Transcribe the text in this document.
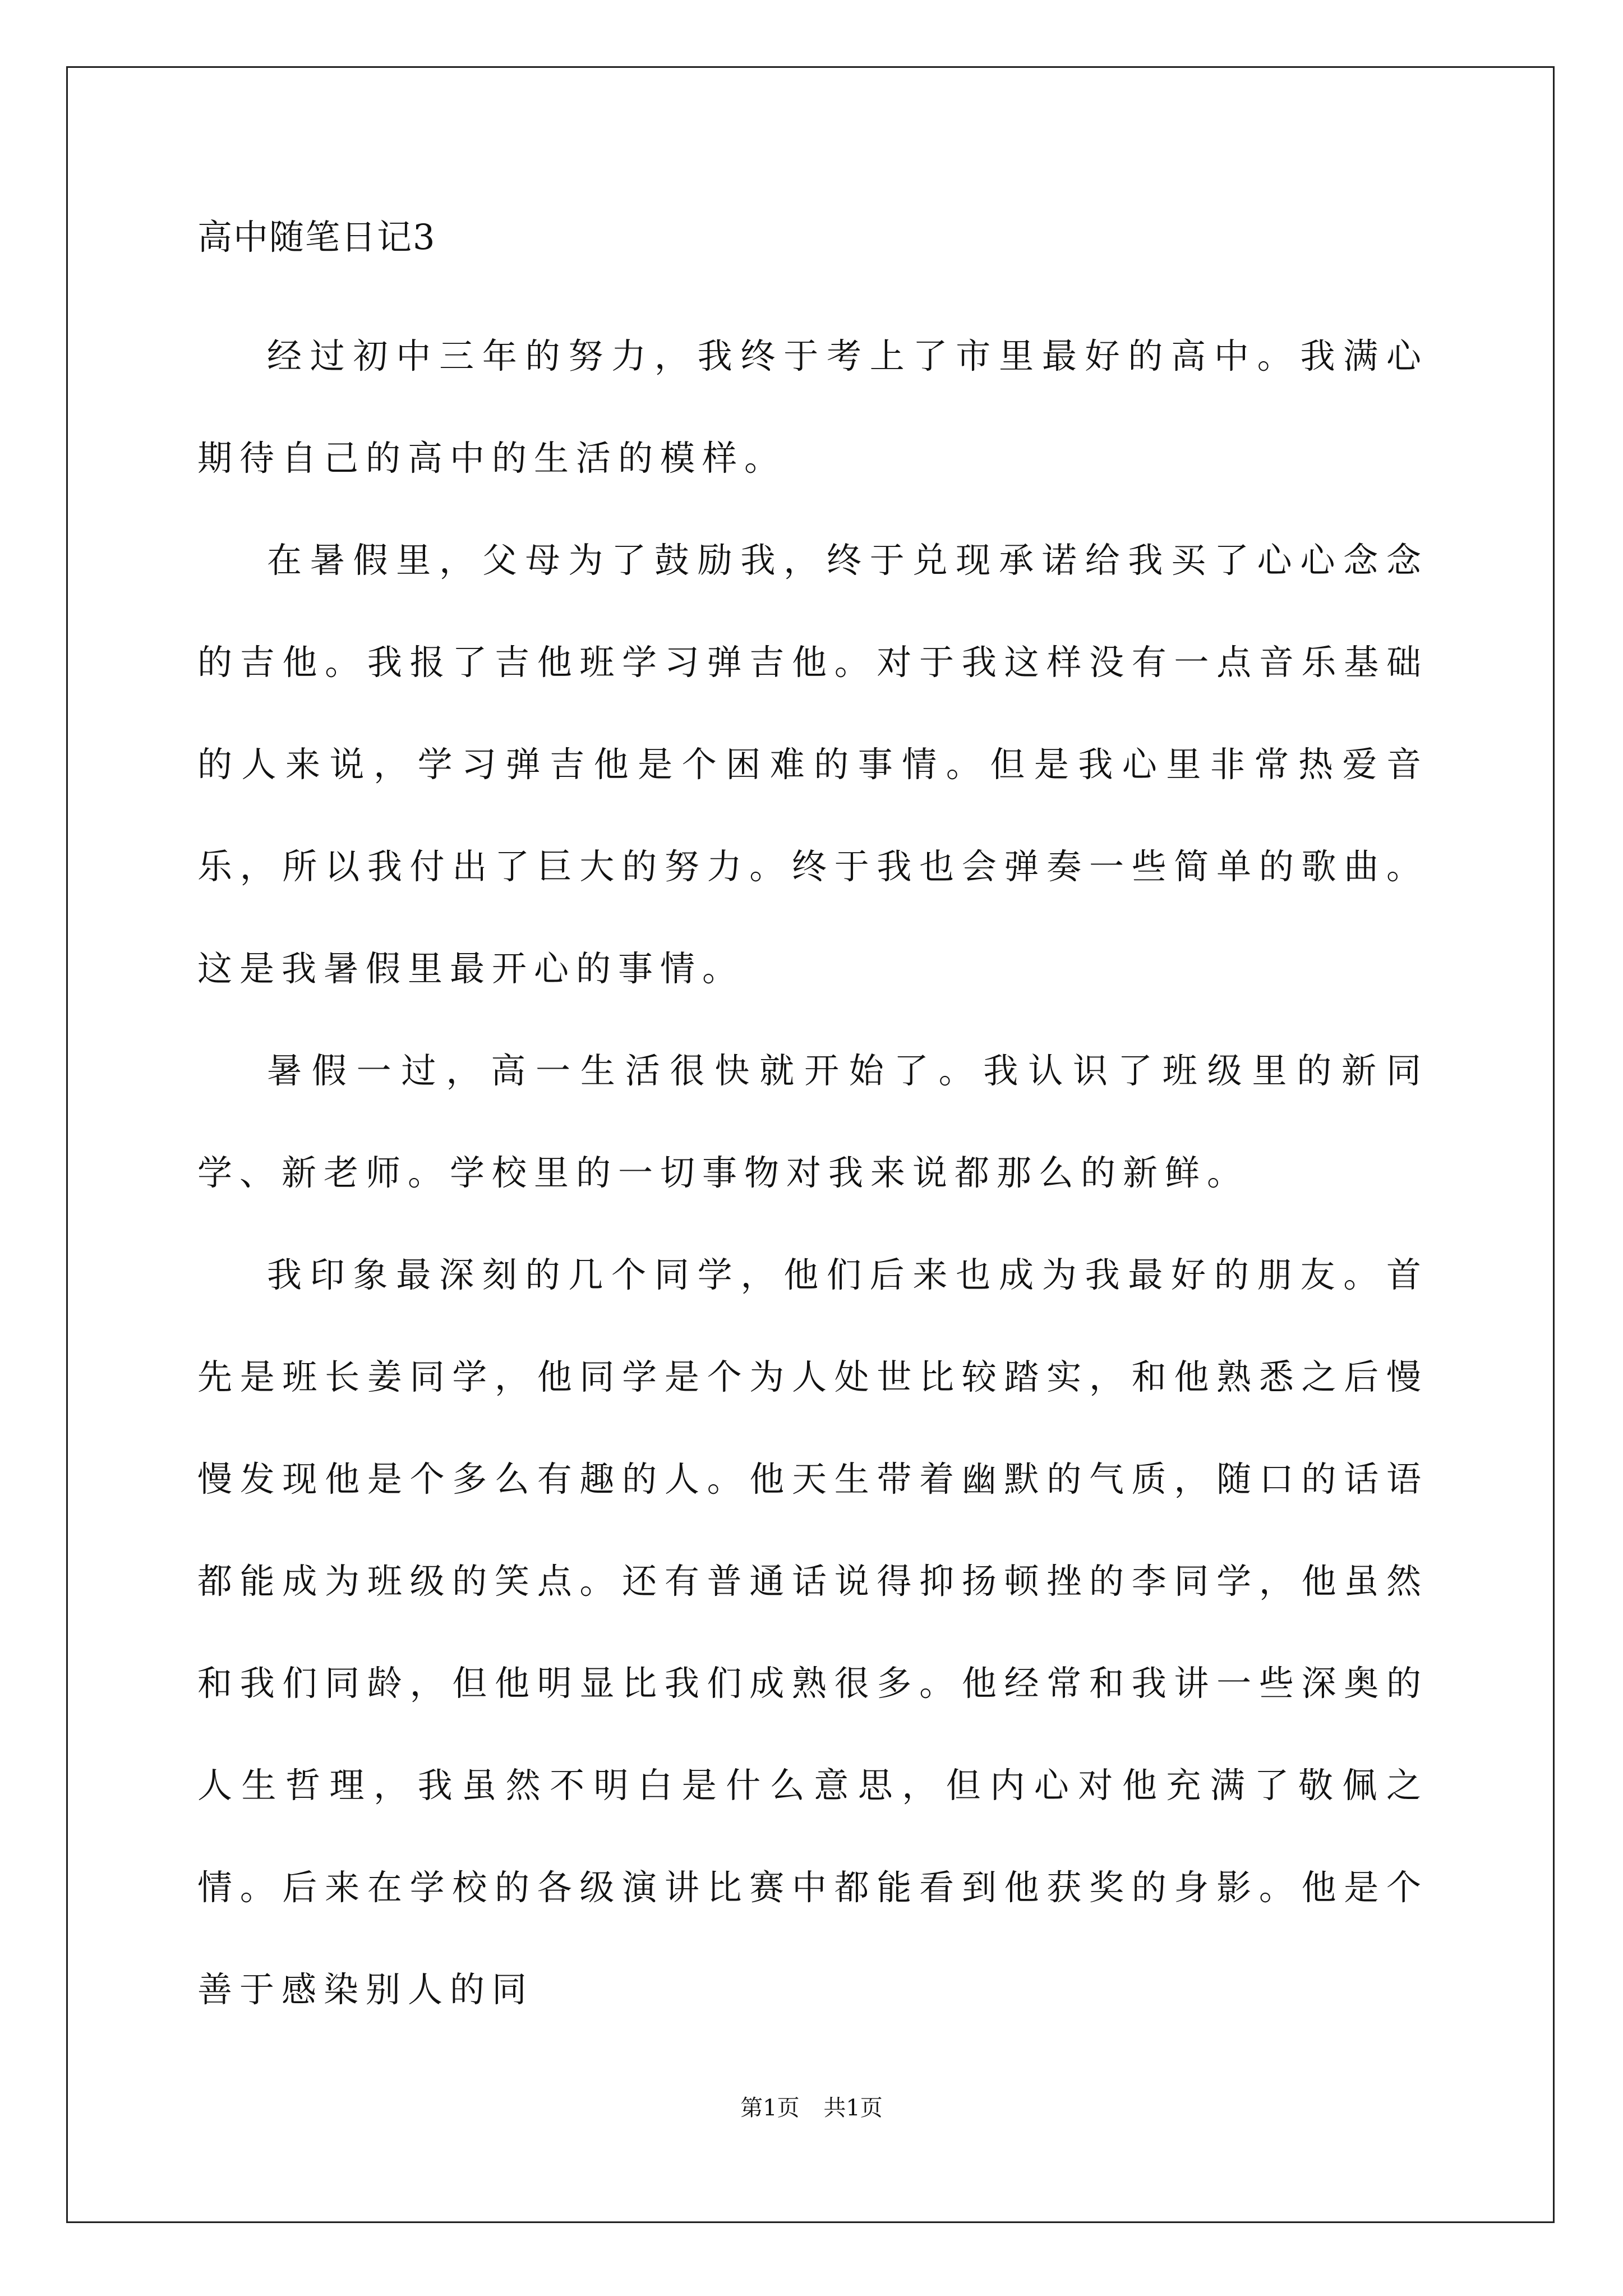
高中随笔日记3

经过初中三年的努力，我终于考上了市里最好的高中。我满心期待自己的高中的生活的模样。

在暑假里，父母为了鼓励我，终于兑现承诺给我买了心心念念的吉他。我报了吉他班学习弹吉他。对于我这样没有一点音乐基础的人来说，学习弹吉他是个困难的事情。但是我心里非常热爱音乐，所以我付出了巨大的努力。终于我也会弹奏一些简单的歌曲。这是我暑假里最开心的事情。

暑假一过，高一生活很快就开始了。我认识了班级里的新同学、新老师。学校里的一切事物对我来说都那么的新鲜。

我印象最深刻的几个同学，他们后来也成为我最好的朋友。首先是班长姜同学，他同学是个为人处世比较踏实，和他熟悉之后慢慢发现他是个多么有趣的人。他天生带着幽默的气质，随口的话语都能成为班级的笑点。还有普通话说得抑扬顿挫的李同学，他虽然和我们同龄，但他明显比我们成熟很多。他经常和我讲一些深奥的人生哲理，我虽然不明白是什么意思，但内心对他充满了敬佩之情。后来在学校的各级演讲比赛中都能看到他获奖的身影。他是个善于感染别人的同

第1页 共1页
